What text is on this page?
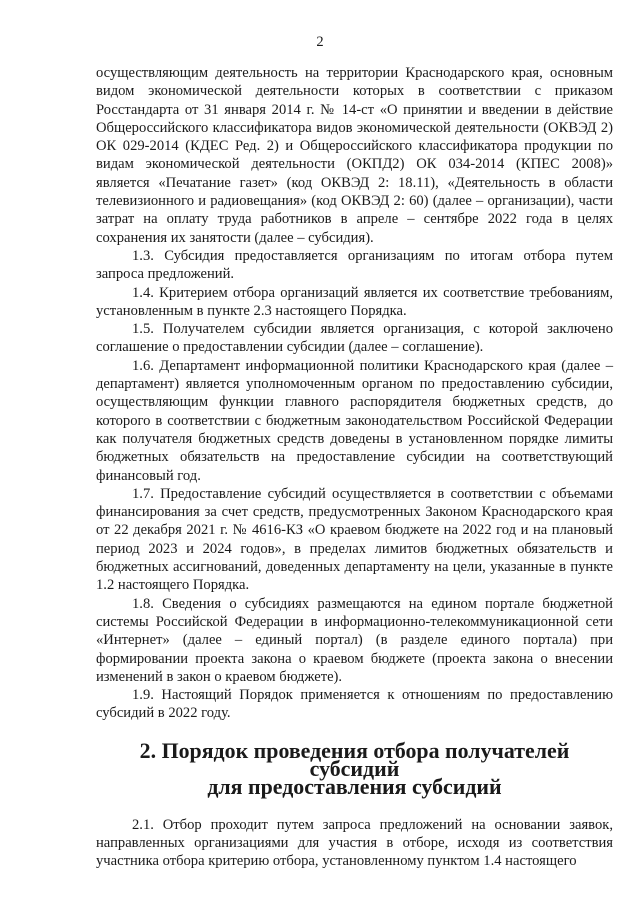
2

осуществляющим деятельность на территории Краснодарского края, основным видом экономической деятельности которых в соответствии с приказом Росстандарта от 31 января 2014 г. № 14-ст «О принятии и введении в действие Общероссийского классификатора видов экономической деятельности (ОКВЭД 2) ОК 029-2014 (КДЕС Ред. 2) и Общероссийского классификатора продукции по видам экономической деятельности (ОКПД2) ОК 034-2014 (КПЕС 2008)» является «Печатание газет» (код ОКВЭД 2: 18.11), «Деятельность в области телевизионного и радиовещания» (код ОКВЭД 2: 60) (далее – организации), части затрат на оплату труда работников в апреле – сентябре 2022 года в целях сохранения их занятости (далее – субсидия).

1.3. Субсидия предоставляется организациям по итогам отбора путем запроса предложений.

1.4. Критерием отбора организаций является их соответствие требованиям, установленным в пункте 2.3 настоящего Порядка.

1.5. Получателем субсидии является организация, с которой заключено соглашение о предоставлении субсидии (далее – соглашение).

1.6. Департамент информационной политики Краснодарского края (далее – департамент) является уполномоченным органом по предоставлению субсидии, осуществляющим функции главного распорядителя бюджетных средств, до которого в соответствии с бюджетным законодательством Российской Федерации как получателя бюджетных средств доведены в установленном порядке лимиты бюджетных обязательств на предоставление субсидии на соответствующий финансовый год.

1.7. Предоставление субсидий осуществляется в соответствии с объемами финансирования за счет средств, предусмотренных Законом Краснодарского края от 22 декабря 2021 г. № 4616-КЗ «О краевом бюджете на 2022 год и на плановый период 2023 и 2024 годов», в пределах лимитов бюджетных обязательств и бюджетных ассигнований, доведенных департаменту на цели, указанные в пункте 1.2 настоящего Порядка.

1.8. Сведения о субсидиях размещаются на едином портале бюджетной системы Российской Федерации в информационно-телекоммуникационной сети «Интернет» (далее – единый портал) (в разделе единого портала) при формировании проекта закона о краевом бюджете (проекта закона о внесении изменений в закон о краевом бюджете).

1.9. Настоящий Порядок применяется к отношениям по предоставлению субсидий в 2022 году.

2. Порядок проведения отбора получателей субсидий
для предоставления субсидий

2.1. Отбор проходит путем запроса предложений на основании заявок, направленных организациями для участия в отборе, исходя из соответствия участника отбора критерию отбора, установленному пунктом 1.4 настоящего
